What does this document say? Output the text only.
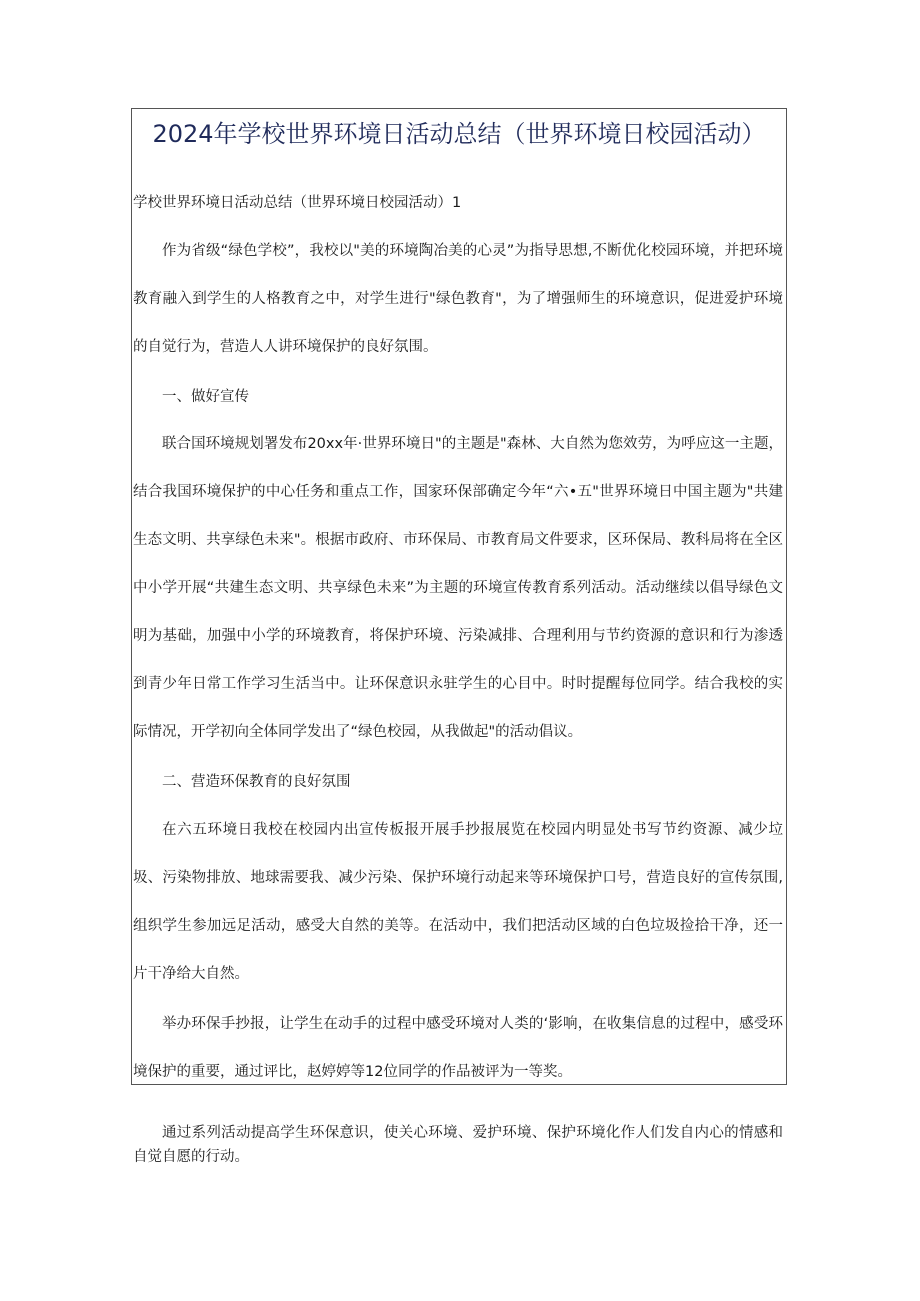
2024年学校世界环境日活动总结（世界环境日校园活动）

学校世界环境日活动总结（世界环境日校园活动）1

作为省级“绿色学校”，我校以"美的环境陶冶美的心灵”为指导思想,不断优化校园环境，并把环境教育融入到学生的人格教育之中，对学生进行"绿色教育"，为了增强师生的环境意识，促进爱护环境的自觉行为，营造人人讲环境保护的良好氛围。

一、做好宣传

联合国环境规划署发布20xx年·世界环境日"的主题是"森林、大自然为您效劳，为呼应这一主题，结合我国环境保护的中心任务和重点工作，国家环保部确定今年“六•五"世界环境日中国主题为"共建生态文明、共享绿色未来"。根据市政府、市环保局、市教育局文件要求，区环保局、教科局将在全区中小学开展“共建生态文明、共享绿色未来”为主题的环境宣传教育系列活动。活动继续以倡导绿色文明为基础，加强中小学的环境教育，将保护环境、污染减排、合理利用与节约资源的意识和行为渗透到青少年日常工作学习生活当中。让环保意识永驻学生的心目中。时时提醒每位同学。结合我校的实际情况，开学初向全体同学发出了“绿色校园，从我做起"的活动倡议。

二、营造环保教育的良好氛围

在六五环境日我校在校园内出宣传板报开展手抄报展览在校园内明显处书写节约资源、减少垃圾、污染物排放、地球需要我、减少污染、保护环境行动起来等环境保护口号，营造良好的宣传氛围,组织学生参加远足活动，感受大自然的美等。在活动中，我们把活动区域的白色垃圾捡拾干净，还一片干净给大自然。

举办环保手抄报，让学生在动手的过程中感受环境对人类的‘影响，在收集信息的过程中，感受环境保护的重要，通过评比，赵婷婷等12位同学的作品被评为一等奖。

通过系列活动提高学生环保意识，使关心环境、爱护环境、保护环境化作人们发自内心的情感和自觉自愿的行动。
